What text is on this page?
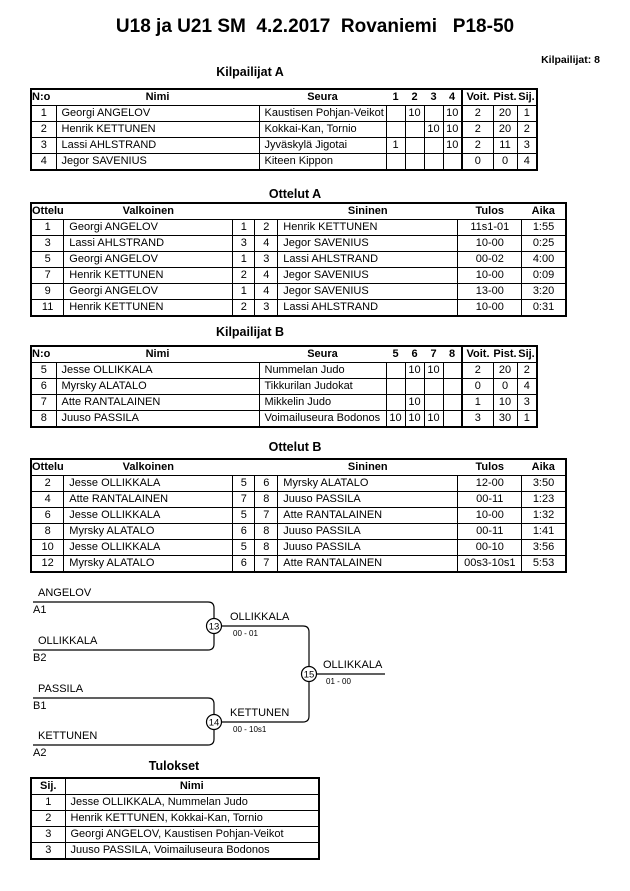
U18 ja U21 SM  4.2.2017  Rovaniemi   P18-50
Kilpailijat: 8
Kilpailijat A
N:o	Nimi	Seura	1	2	3	4	Voit.	Pist.	Sij.
1	Georgi ANGELOV	Kaustisen Pohjan-Veikot		10		10	2	20	1
2	Henrik KETTUNEN	Kokkai-Kan, Tornio			10	10	2	20	2
3	Lassi AHLSTRAND	Jyväskylä Jigotai	1			10	2	11	3
4	Jegor SAVENIUS	Kiteen Kippon					0	0	4
Ottelut A
Ottelu	Valkoinen			Sininen	Tulos	Aika
1	Georgi ANGELOV	1	2	Henrik KETTUNEN	11s1-01	1:55
3	Lassi AHLSTRAND	3	4	Jegor SAVENIUS	10-00	0:25
5	Georgi ANGELOV	1	3	Lassi AHLSTRAND	00-02	4:00
7	Henrik KETTUNEN	2	4	Jegor SAVENIUS	10-00	0:09
9	Georgi ANGELOV	1	4	Jegor SAVENIUS	13-00	3:20
11	Henrik KETTUNEN	2	3	Lassi AHLSTRAND	10-00	0:31
Kilpailijat B
N:o	Nimi	Seura	5	6	7	8	Voit.	Pist.	Sij.
5	Jesse OLLIKKALA	Nummelan Judo		10	10		2	20	2
6	Myrsky ALATALO	Tikkurilan Judokat					0	0	4
7	Atte RANTALAINEN	Mikkelin Judo		10			1	10	3
8	Juuso PASSILA	Voimailuseura Bodonos	10	10	10		3	30	1
Ottelut B
Ottelu	Valkoinen			Sininen	Tulos	Aika
2	Jesse OLLIKKALA	5	6	Myrsky ALATALO	12-00	3:50
4	Atte RANTALAINEN	7	8	Juuso PASSILA	00-11	1:23
6	Jesse OLLIKKALA	5	7	Atte RANTALAINEN	10-00	1:32
8	Myrsky ALATALO	6	8	Juuso PASSILA	00-11	1:41
10	Jesse OLLIKKALA	5	8	Juuso PASSILA	00-10	3:56
12	Myrsky ALATALO	6	7	Atte RANTALAINEN	00s3-10s1	5:53
13
14
15
ANGELOV
A1
OLLIKKALA
B2
PASSILA
B1
KETTUNEN
A2
OLLIKKALA
00 - 01
KETTUNEN
00 - 10s1
OLLIKKALA
01 - 00
Tulokset
Sij.	Nimi
1	Jesse OLLIKKALA, Nummelan Judo
2	Henrik KETTUNEN, Kokkai-Kan, Tornio
3	Georgi ANGELOV, Kaustisen Pohjan-Veikot
3	Juuso PASSILA, Voimailuseura Bodonos
